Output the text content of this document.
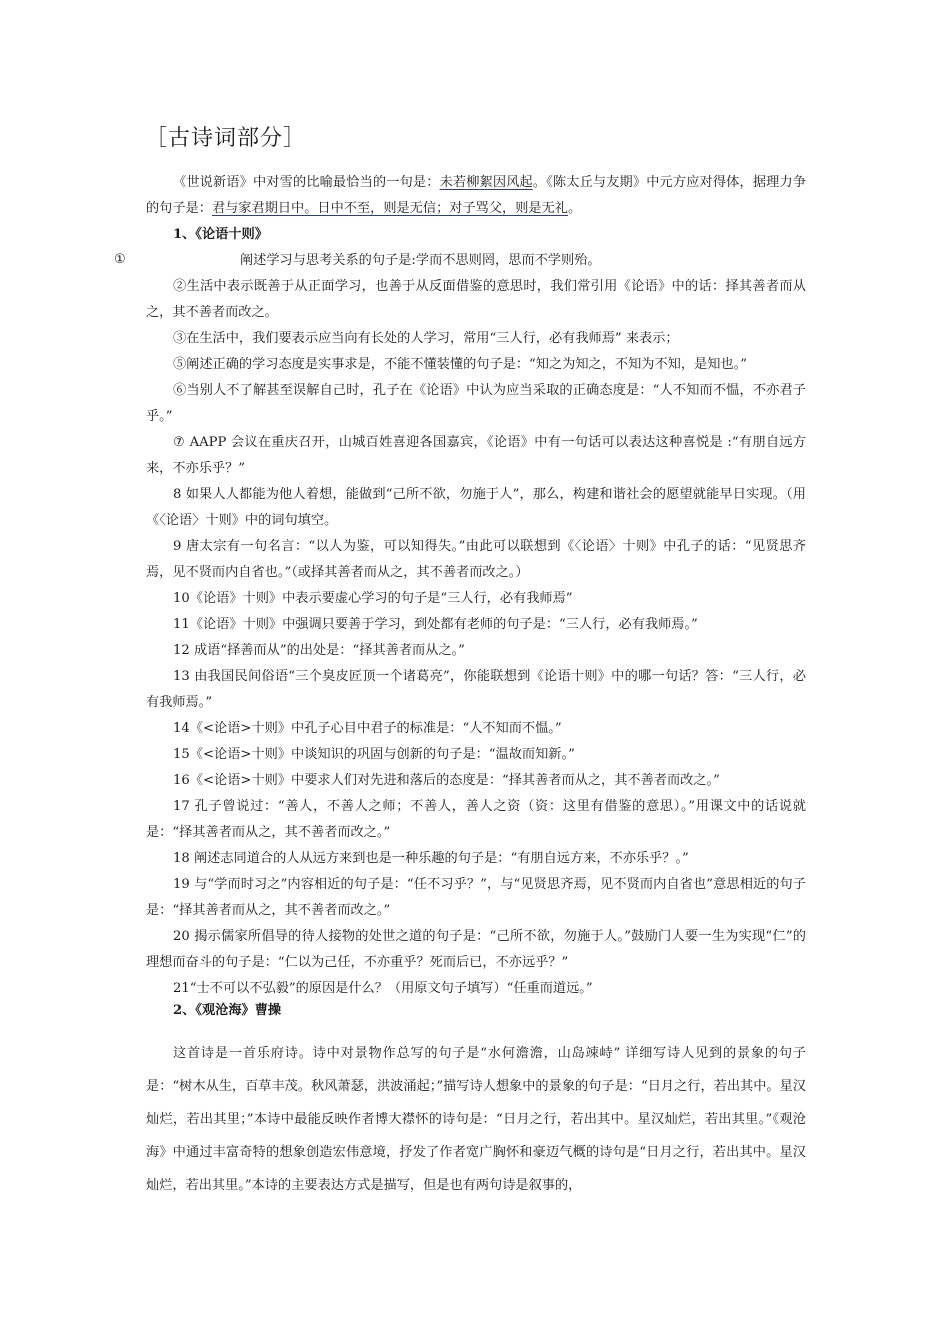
［古诗词部分］

《世说新语》中对雪的比喻最恰当的一句是：未若柳絮因风起。《陈太丘与友期》中元方应对得体，据理力争的句子是：君与家君期日中。日中不至，则是无信；对子骂父，则是无礼。

1、《论语十则》

阐述学习与思考关系的句子是:学而不思则罔，思而不学则殆。

②生活中表示既善于从正面学习，也善于从反面借鉴的意思时，我们常引用《论语》中的话：择其善者而从之，其不善者而改之。

③在生活中，我们要表示应当向有长处的人学习，常用“三人行，必有我师焉” 来表示；

⑤阐述正确的学习态度是实事求是，不能不懂装懂的句子是：“知之为知之，不知为不知，是知也。”

⑥当别人不了解甚至误解自己时，孔子在《论语》中认为应当采取的正确态度是：“人不知而不愠，不亦君子乎。”

⑦ AAPP 会议在重庆召开，山城百姓喜迎各国嘉宾，《论语》中有一句话可以表达这种喜悦是 :“有朋自远方来，不亦乐乎？”

8 如果人人都能为他人着想，能做到“己所不欲，勿施于人”，那么，构建和谐社会的愿望就能早日实现。（用《〈论语〉十则》中的词句填空。

9 唐太宗有一句名言：“以人为鉴，可以知得失。”由此可以联想到《〈论语〉十则》中孔子的话：“见贤思齐焉，见不贤而内自省也。”（或择其善者而从之，其不善者而改之。）

10《论语》十则》中表示要虚心学习的句子是“三人行，必有我师焉”

11《论语》十则》中强调只要善于学习，到处都有老师的句子是：“三人行，必有我师焉。”

12 成语“择善而从”的出处是：“择其善者而从之。”

13 由我国民间俗语“三个臭皮匠顶一个诸葛亮”，你能联想到《论语十则》中的哪一句话？答：“三人行，必有我师焉。”

14《<论语>十则》中孔子心目中君子的标准是：“人不知而不愠。”

15《<论语>十则》中谈知识的巩固与创新的句子是：“温故而知新。”

16《<论语>十则》中要求人们对先进和落后的态度是：“择其善者而从之，其不善者而改之。”

17 孔子曾说过：“善人，不善人之师；不善人，善人之资（资：这里有借鉴的意思）。”用课文中的话说就是：“择其善者而从之，其不善者而改之。”

18 阐述志同道合的人从远方来到也是一种乐趣的句子是：“有朋自远方来，不亦乐乎？。”

19 与“学而时习之”内容相近的句子是：“任不习乎？”，与“见贤思齐焉，见不贤而内自省也”意思相近的句子是：“择其善者而从之，其不善者而改之。”

20 揭示儒家所倡导的待人接物的处世之道的句子是：“己所不欲，勿施于人。”鼓励门人要一生为实现“仁”的理想而奋斗的句子是：“仁以为己任，不亦重乎？死而后已，不亦远乎？”

21“士不可以不弘毅”的原因是什么？（用原文句子填写）“任重而道远。”

①

2、《观沧海》曹操

这首诗是一首乐府诗。诗中对景物作总写的句子是“水何澹澹，山岛竦峙” 详细写诗人见到的景象的句子是：“树木从生，百草丰茂。秋风萧瑟，洪波涌起；”描写诗人想象中的景象的句子是：“日月之行，若出其中。星汉灿烂，若出其里；”本诗中最能反映作者博大襟怀的诗句是：“日月之行，若出其中。星汉灿烂，若出其里。”《观沧海》中通过丰富奇特的想象创造宏伟意境，抒发了作者宽广胸怀和豪迈气概的诗句是“日月之行，若出其中。星汉灿烂，若出其里。”本诗的主要表达方式是描写，但是也有两句诗是叙事的，
